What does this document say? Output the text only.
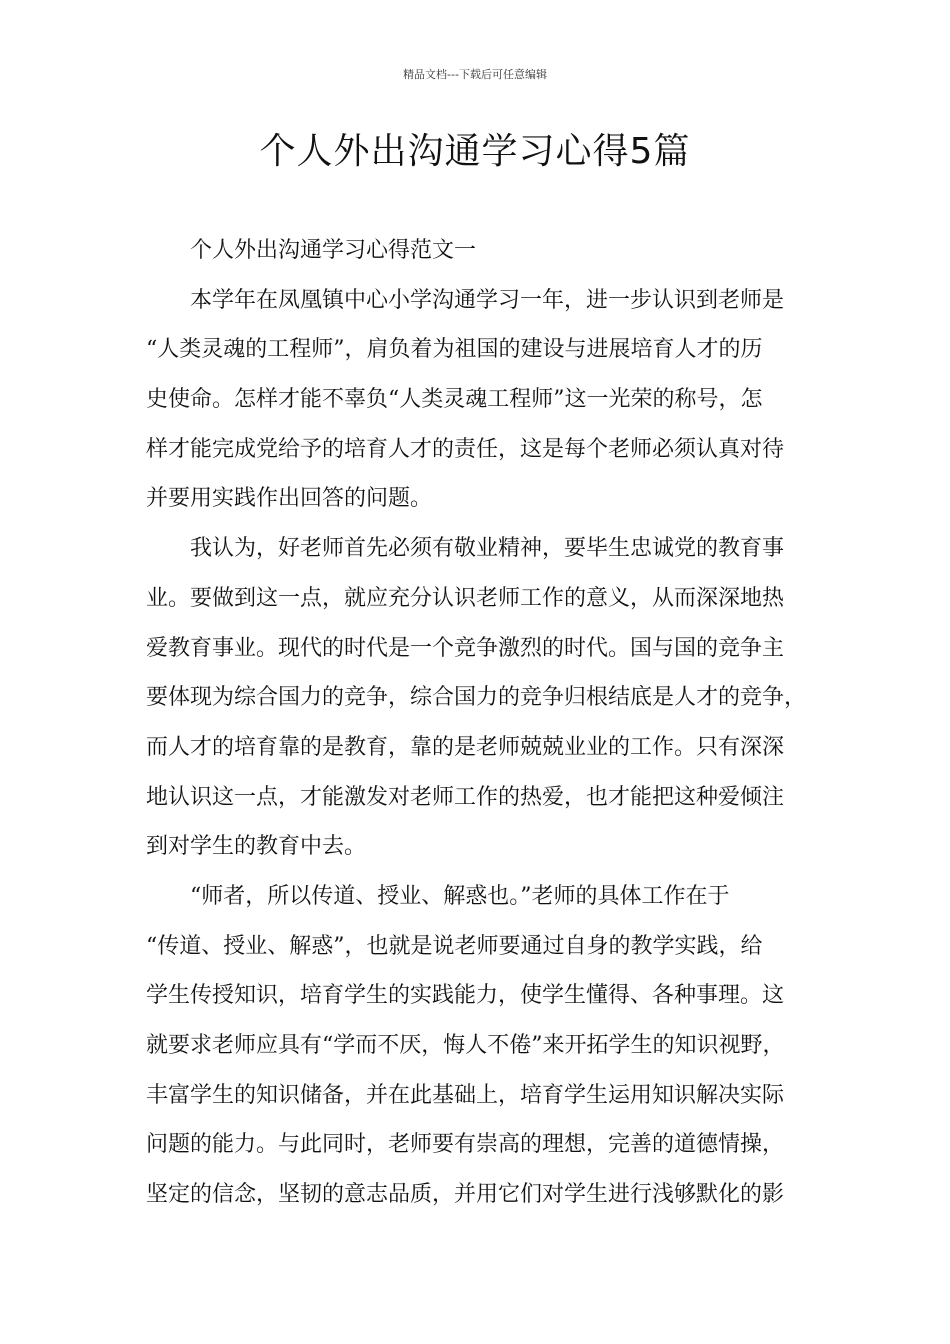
精品文档---下载后可任意编辑
个人外出沟通学习心得5篇
个人外出沟通学习心得范文一
本学年在凤凰镇中心小学沟通学习一年，进一步认识到老师是
“人类灵魂的工程师”，肩负着为祖国的建设与进展培育人才的历
史使命。怎样才能不辜负“人类灵魂工程师”这一光荣的称号，怎
样才能完成党给予的培育人才的责任，这是每个老师必须认真对待
并要用实践作出回答的问题。
我认为，好老师首先必须有敬业精神，要毕生忠诚党的教育事
业。要做到这一点，就应充分认识老师工作的意义，从而深深地热
爱教育事业。现代的时代是一个竞争激烈的时代。国与国的竞争主
要体现为综合国力的竞争，综合国力的竞争归根结底是人才的竞争，
而人才的培育靠的是教育，靠的是老师兢兢业业的工作。只有深深
地认识这一点，才能激发对老师工作的热爱，也才能把这种爱倾注
到对学生的教育中去。
“师者，所以传道、授业、解惑也。”老师的具体工作在于
“传道、授业、解惑”，也就是说老师要通过自身的教学实践，给
学生传授知识，培育学生的实践能力，使学生懂得、各种事理。这
就要求老师应具有“学而不厌，悔人不倦”来开拓学生的知识视野，
丰富学生的知识储备，并在此基础上，培育学生运用知识解决实际
问题的能力。与此同时，老师要有崇高的理想，完善的道德情操，
坚定的信念，坚韧的意志品质，并用它们对学生进行浅够默化的影
